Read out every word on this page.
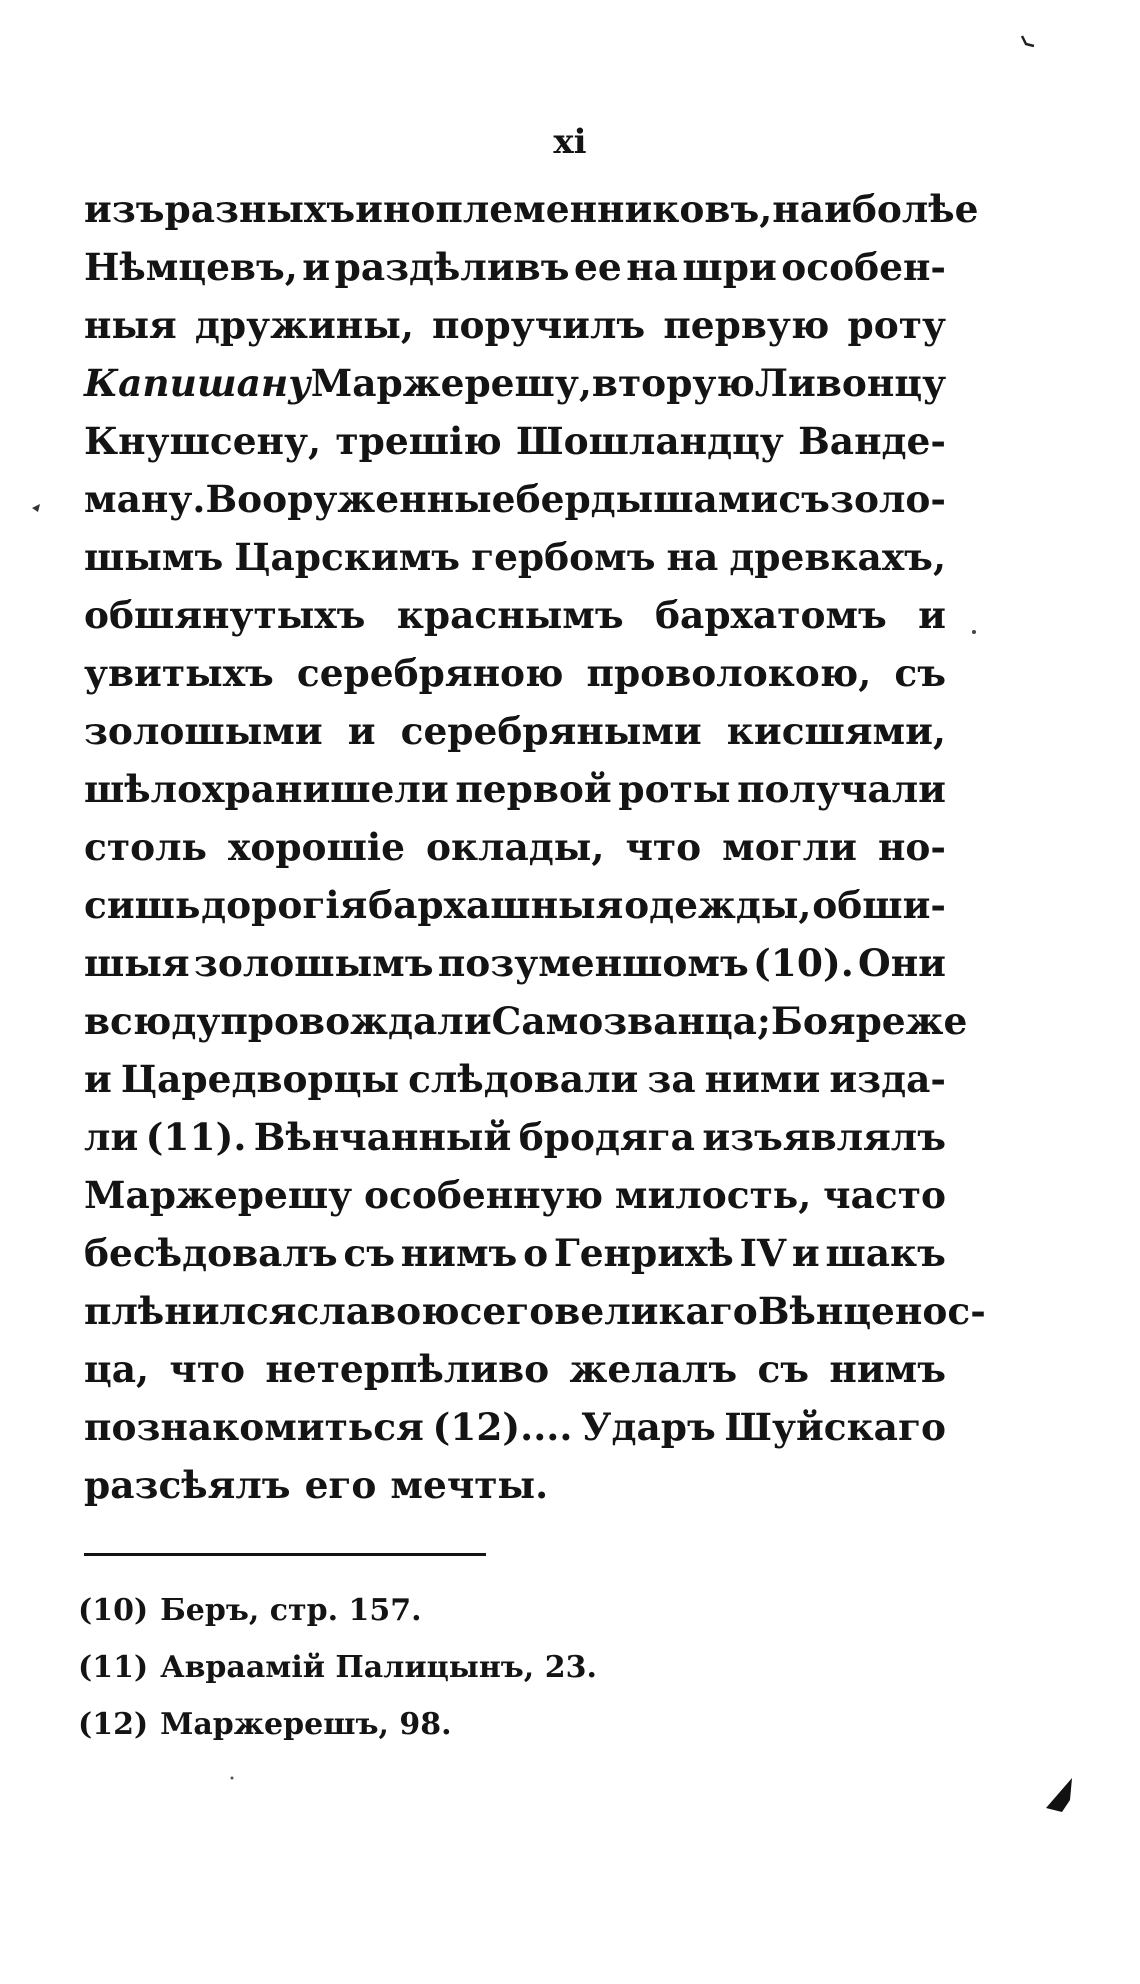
xi
изъ разныхъ иноплеменниковъ, наиболѣе
Нѣмцевъ, и раздѣливъ ее на шри особен-
ныя дружины, поручилъ первую роту
Капишану Маржерешу, вторую Ливонцу
Кнушсену, трешію Шошландцу Ванде-
ману. Вооруженные бердышами съ золо-
шымъ Царскимъ гербомъ на древкахъ,
обшянутыхъ краснымъ бархатомъ и
увитыхъ серебряною проволокою, съ
золошыми и серебряными кисшями,
шѣлохранишели первой роты получали
столь хорошіе оклады, что могли но-
сишь дорогія бархашныя одежды, обши-
шыя золошымъ позуменшомъ (10). Они
всюду провождали Самозванца; Бояре же
и Царедворцы слѣдовали за ними изда-
ли (11). Вѣнчанный бродяга изъявлялъ
Маржерешу особенную милость, часто
бесѣдовалъ съ нимъ о Генрихѣ IV и шакъ
плѣнился славою сего великаго Вѣнценос-
ца, что нетерпѣливо желалъ съ нимъ
познакомиться (12).... Ударъ Шуйскаго
разсѣялъ его мечты.
(10) Беръ, стр. 157.
(11) Авраамій Палицынъ, 23.
(12) Маржерешъ, 98.
